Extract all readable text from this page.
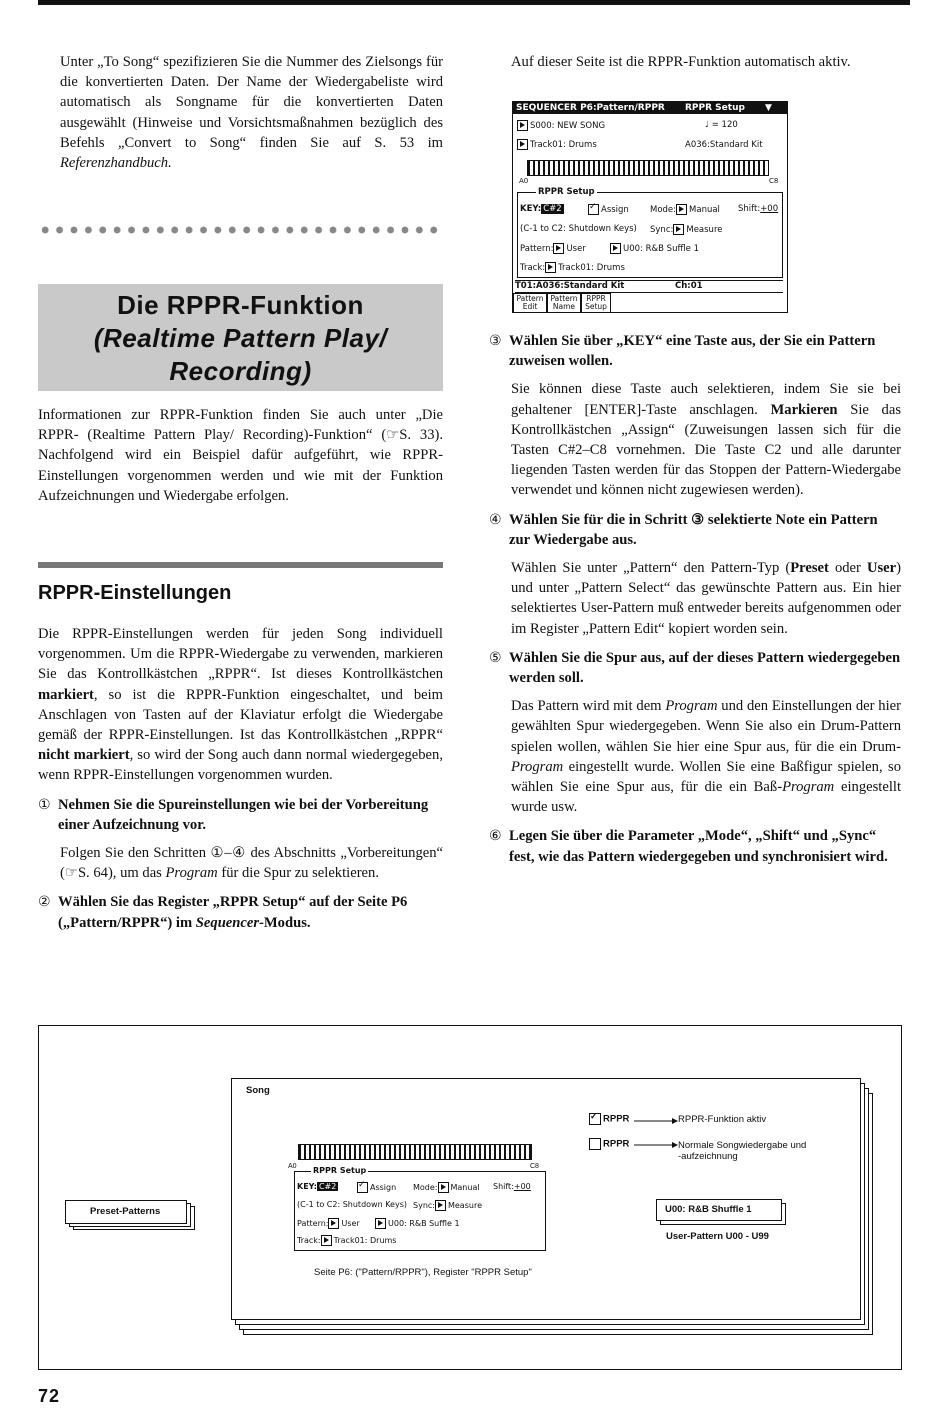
Unter „To Song“ spezifizieren Sie die Nummer des Zielsongs für die konvertierten Daten. Der Name der Wiedergabeliste wird automatisch als Songname für die konvertierten Daten ausgewählt (Hinweise und Vorsichtsmaßnahmen bezüglich des Befehls „Convert to Song“ finden Sie auf S. 53 im Referenzhandbuch.

Die RPPR-Funktion
(Realtime Pattern Play/
Recording)

Informationen zur RPPR-Funktion finden Sie auch unter „Die RPPR- (Realtime Pattern Play/ Recording)-Funktion“ (☞S. 33). Nachfolgend wird ein Beispiel dafür aufgeführt, wie RPPR-Einstellungen vorgenommen werden und wie mit der Funktion Aufzeichnungen und Wiedergabe erfolgen.

RPPR-Einstellungen

Die RPPR-Einstellungen werden für jeden Song individuell vorgenommen. Um die RPPR-Wiedergabe zu verwenden, markieren Sie das Kontrollkästchen „RPPR“. Ist dieses Kontrollkästchen markiert, so ist die RPPR-Funktion eingeschaltet, und beim Anschlagen von Tasten auf der Klaviatur erfolgt die Wiedergabe gemäß der RPPR-Einstellungen. Ist das Kontrollkästchen „RPPR“ nicht markiert, so wird der Song auch dann normal wiedergegeben, wenn RPPR-Einstellungen vorgenommen wurden.

① Nehmen Sie die Spureinstellungen wie bei der Vorbereitung einer Aufzeichnung vor.

Folgen Sie den Schritten ①–④ des Abschnitts „Vorbereitungen“ (☞S. 64), um das Program für die Spur zu selektieren.

② Wählen Sie das Register „RPPR Setup“ auf der Seite P6 („Pattern/RPPR“) im Sequencer-Modus.

Auf dieser Seite ist die RPPR-Funktion automatisch aktiv.

SEQUENCER P6:Pattern/RPPR RPPR Setup ▼
S000: NEW SONG	♩ = 120
Track01: Drums	A036:Standard Kit
A0	C8
RPPR Setup
KEY: C#2 ✓	Assign Mode: Manual Shift:+00
(C-1 to C2: Shutdown Keys) Sync: Measure
Pattern: User	U00: R&B Suffle 1
Track: Track01: Drums
T01:A036:Standard Kit	Ch:01
Pattern Edit
Pattern Name
RPPR Setup
③ Wählen Sie über „KEY“ eine Taste aus, der Sie ein Pattern zuweisen wollen.

Sie können diese Taste auch selektieren, indem Sie sie bei gehaltener [ENTER]-Taste anschlagen. Markieren Sie das Kontrollkästchen „Assign“ (Zuweisungen lassen sich für die Tasten C#2–C8 vornehmen. Die Taste C2 und alle darunter liegenden Tasten werden für das Stoppen der Pattern-Wiedergabe verwendet und können nicht zugewiesen werden).

④ Wählen Sie für die in Schritt ③ selektierte Note ein Pattern zur Wiedergabe aus.

Wählen Sie unter „Pattern“ den Pattern-Typ (Preset oder User) und unter „Pattern Select“ das gewünschte Pattern aus. Ein hier selektiertes User-Pattern muß entweder bereits aufgenommen oder im Register „Pattern Edit“ kopiert worden sein.

⑤ Wählen Sie die Spur aus, auf der dieses Pattern wiedergegeben werden soll.

Das Pattern wird mit dem Program und den Einstellungen der hier gewählten Spur wiedergegeben. Wenn Sie also ein Drum-Pattern spielen wollen, wählen Sie hier eine Spur aus, für die ein Drum-Program eingestellt wurde. Wollen Sie eine Baßfigur spielen, so wählen Sie eine Spur aus, für die ein Baß-Program eingestellt wurde usw.

⑥ Legen Sie über die Parameter „Mode“, „Shift“ und „Sync“ fest, wie das Pattern wiedergegeben und synchronisiert wird.
Song
✓RPPR	RPPR-Funktion aktiv
RPPR	Normale Songwiedergabe und
-aufzeichnung
A0	C8
RPPR Setup
KEY: C#2 ✓	Assign Mode: Manual Shift:+00
(C-1 to C2: Shutdown Keys) Sync: Measure
Pattern: User	U00: R&B Suffle 1
Track: Track01: Drums
Seite P6: ("Pattern/RPPR"), Register "RPPR Setup"
U00: R&B Shuffle 1
User-Pattern U00 - U99
Preset-Patterns
72
